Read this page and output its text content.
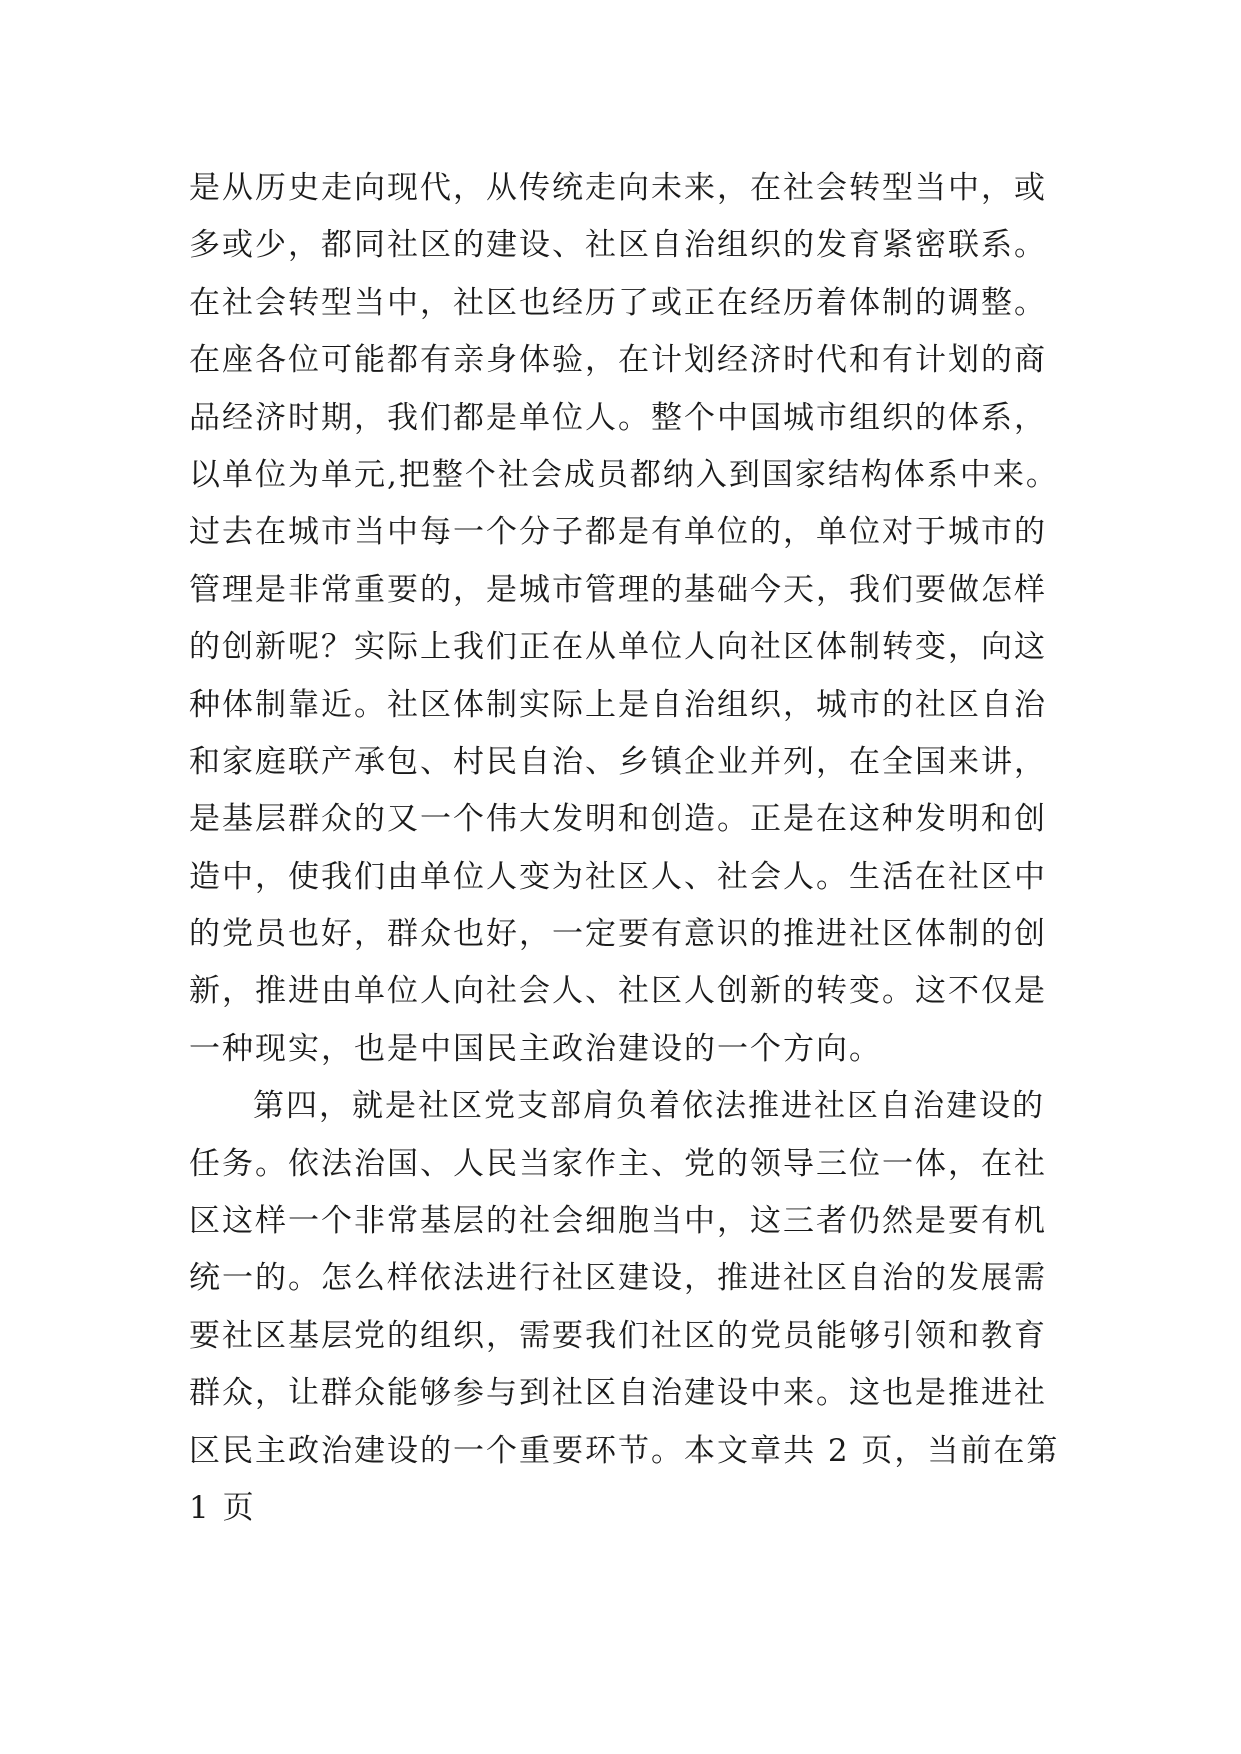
是从历史走向现代，从传统走向未来，在社会转型当中，或
多或少，都同社区的建设、社区自治组织的发育紧密联系。
在社会转型当中，社区也经历了或正在经历着体制的调整。
在座各位可能都有亲身体验，在计划经济时代和有计划的商
品经济时期，我们都是单位人。整个中国城市组织的体系，
以单位为单元,把整个社会成员都纳入到国家结构体系中来。
过去在城市当中每一个分子都是有单位的，单位对于城市的
管理是非常重要的，是城市管理的基础今天，我们要做怎样
的创新呢？实际上我们正在从单位人向社区体制转变，向这
种体制靠近。社区体制实际上是自治组织，城市的社区自治
和家庭联产承包、村民自治、乡镇企业并列，在全国来讲，
是基层群众的又一个伟大发明和创造。正是在这种发明和创
造中，使我们由单位人变为社区人、社会人。生活在社区中
的党员也好，群众也好，一定要有意识的推进社区体制的创
新，推进由单位人向社会人、社区人创新的转变。这不仅是
一种现实，也是中国民主政治建设的一个方向。
第四，就是社区党支部肩负着依法推进社区自治建设的
任务。依法治国、人民当家作主、党的领导三位一体，在社
区这样一个非常基层的社会细胞当中，这三者仍然是要有机
统一的。怎么样依法进行社区建设，推进社区自治的发展需
要社区基层党的组织，需要我们社区的党员能够引领和教育
群众，让群众能够参与到社区自治建设中来。这也是推进社
区民主政治建设的一个重要环节。本文章共 2 页，当前在第
1 页
